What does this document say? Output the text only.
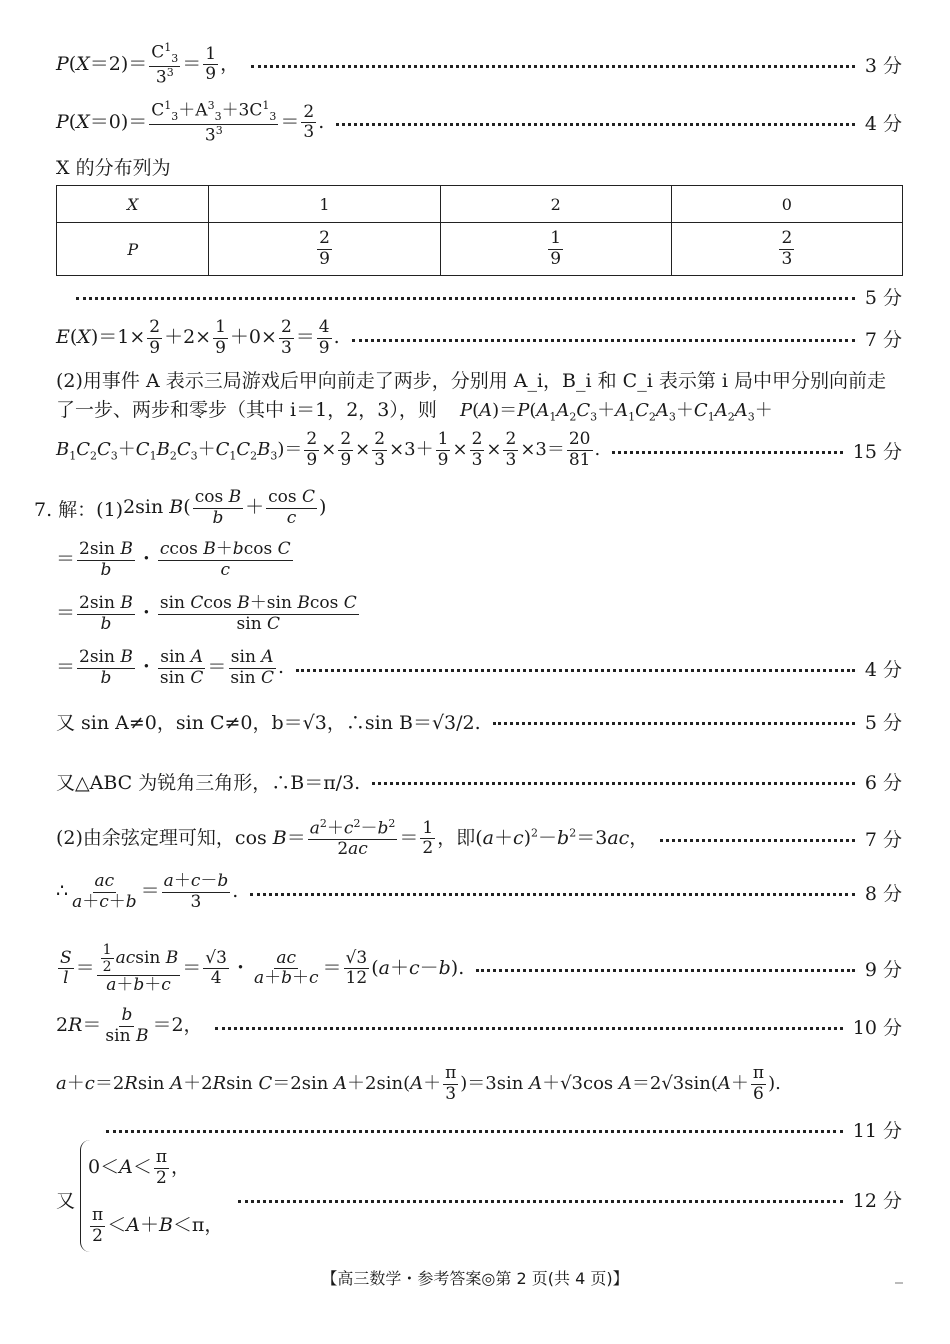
$P(X=2)= \frac{C^1_3}{3^3} = \frac{1}{9}$ ，	3 分
$P(X=0)= \frac{C^1_3+A^3_3+3C^1_3}{3^3} = \frac{2}{3}$ .	4 分
X 的分布列为
X	1	2	0
P	$\frac{2}{9}$	$\frac{1}{9}$	$\frac{2}{3}$
5 分
$E(X)=1\times \frac{2}{9} +2\times \frac{1}{9} +0\times \frac{2}{3} = \frac{4}{9}$ .	7 分
(2)用事件 A 表示三局游戏后甲向前走了两步，分别用 A_i，B_i 和 C_i 表示第 i 局中甲分别向前走了一步、两步和零步（其中 i＝1，2，3），则	$P(A)=P(A_1A_2C_3+A_1C_2A_3+C_1A_2A_3+$
$B_1C_2C_3+C_1B_2C_3+C_1C_2B_3)= \frac{2}{9} \times \frac{2}{9} \times \frac{2}{3} \times 3+ \frac{1}{9} \times \frac{2}{3} \times \frac{2}{3} \times 3= \frac{20}{81}$ .	15 分
7. 解：(1) 2sin $B( \frac{\text{cos B}}{b} + \frac{\text{cos C}}{c}$ )
＝ $\frac{\text{2sin B}}{b}$ ・ $\frac{\text{ccos B＋bcos C}}{c}$
＝ $\frac{\text{2sin B}}{b}$ ・ $\frac{\text{sin Ccos B＋sin Bcos C}}{\text{sin C}}$
＝ $\frac{\text{2sin B}}{b}$ ・ $\frac{\text{sin A}}{\text{sin C}} = \frac{\text{sin A}}{\text{sin C}}$ .	4 分
又 sin A≠0，sin C≠0，b＝√3，∴sin B＝√3/2.	5 分
又△ABC 为锐角三角形，∴B＝π/3.	6 分
(2)由余弦定理可知，$\cos B= \frac{a^2+c^2-b^2}{2ac} = \frac{1}{2}$ ，即$(a+c)^2-b^2=3ac$，	7 分
∴ $\frac{ac}{a+c+b} = \frac{a+c-b}{3}$ .	8 分
$\frac{S}{l} = \frac{\frac{1}{2} acsin B}{a+b+c} = \frac{√3}{4}$ ・ $\frac{ac}{a+b+c} = \frac{√3}{12} (a+c-b)$.	9 分
$2R= \frac{b}{\text{sin B}} =2$，	10 分
a＋c＝2Rsin A＋2Rsin C＝2sin $A+2\sin(A+ \frac{\pi}{3} )=3\sin$ A＋√3cos $A=2√3\sin(A+ \frac{\pi}{6}$ ).
11 分
又
$0<A< \frac{\pi}{2}$ ，
$\frac{\pi}{2} <A+B<\pi$，
12 分
【高三数学・参考答案◎第 2 页(共 4 页)】
